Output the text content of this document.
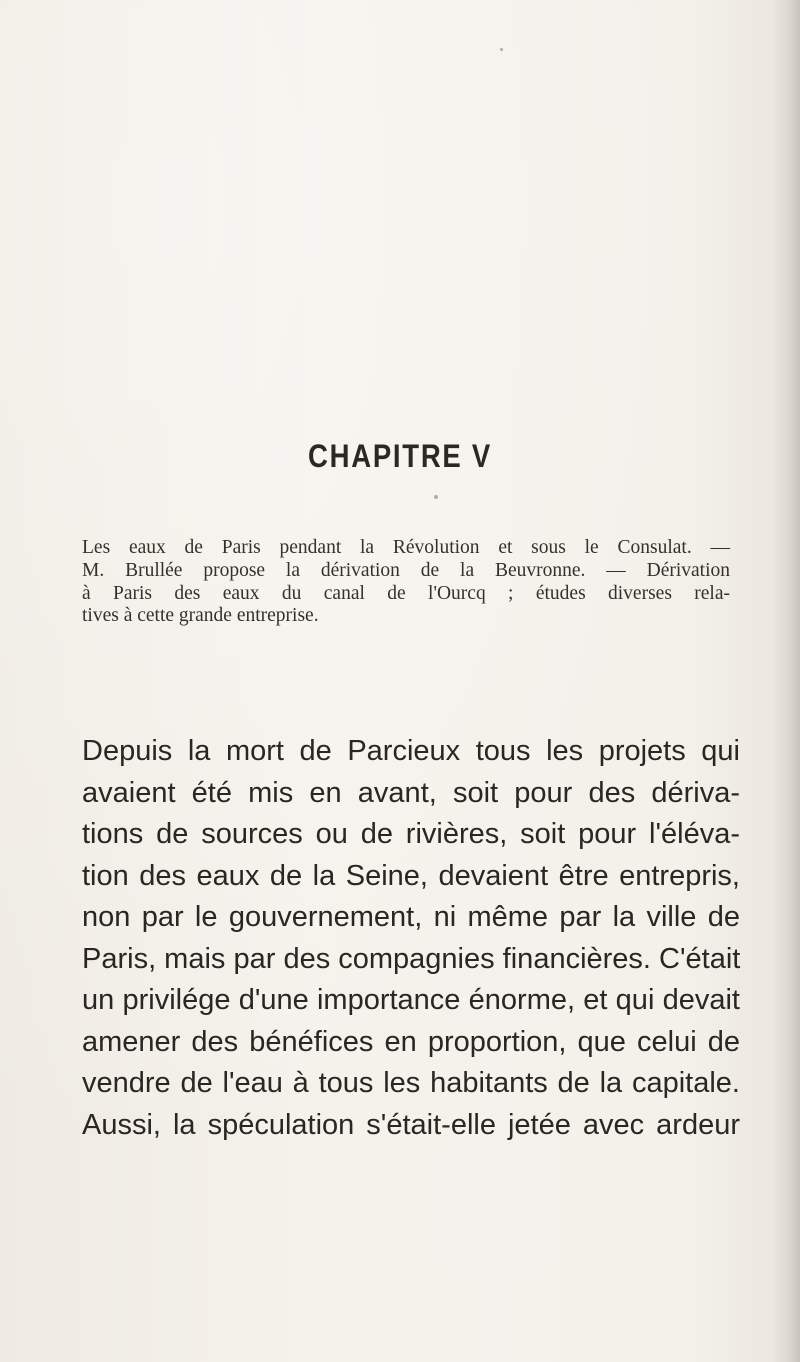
CHAPITRE V

Les eaux de Paris pendant la Révolution et sous le Consulat. —
M. Brullée propose la dérivation de la Beuvronne. — Dérivation
à Paris des eaux du canal de l'Ourcq ; études diverses rela-
tives à cette grande entreprise.

Depuis la mort de Parcieux tous les projets qui
avaient été mis en avant, soit pour des dériva-
tions de sources ou de rivières, soit pour l'éléva-
tion des eaux de la Seine, devaient être entrepris,
non par le gouvernement, ni même par la ville de
Paris, mais par des compagnies financières. C'était
un privilége d'une importance énorme, et qui devait
amener des bénéfices en proportion, que celui de
vendre de l'eau à tous les habitants de la capitale.
Aussi, la spéculation s'était-elle jetée avec ardeur
